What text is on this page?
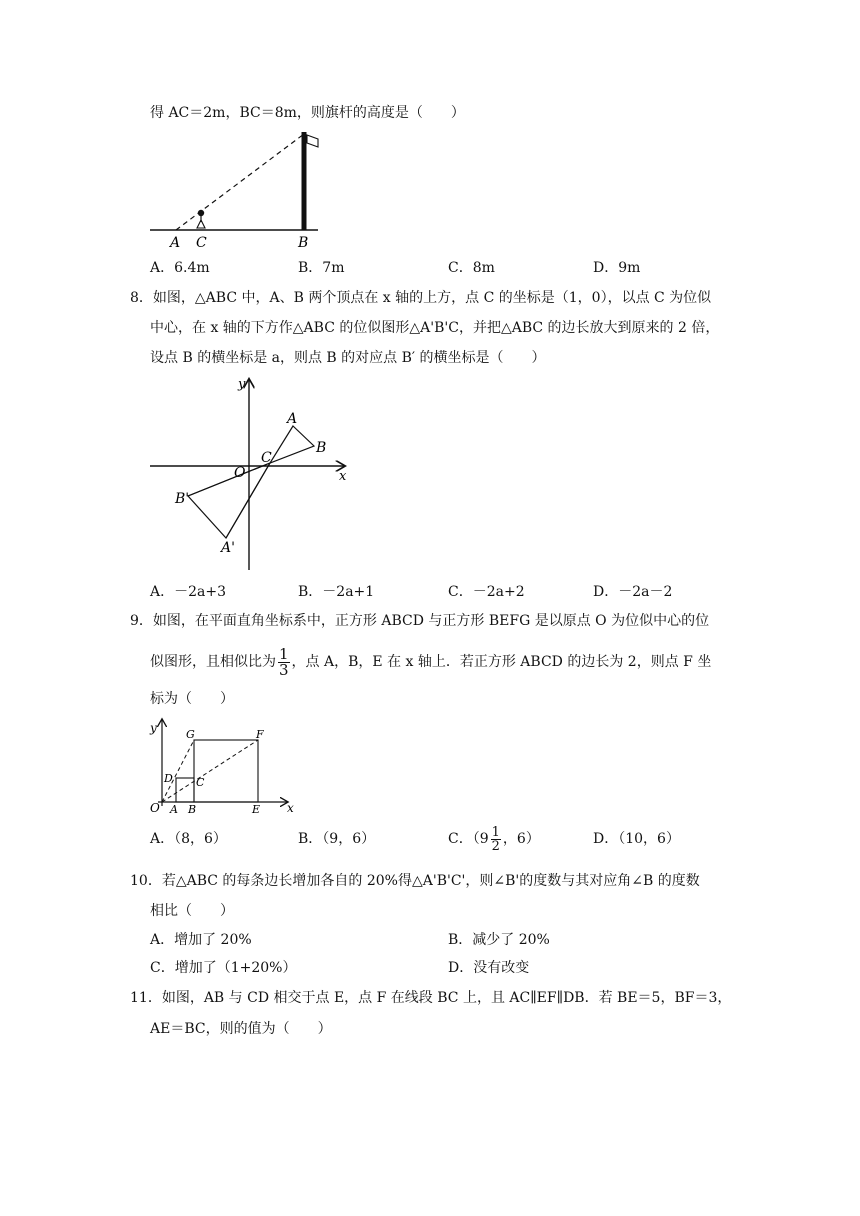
得 AC＝2m，BC＝8m，则旗杆的高度是（　　）
A C	B
A．6.4m	B．7m	C．8m	D．9m
8．如图，△ABC 中，A、B 两个顶点在 x 轴的上方，点 C 的坐标是（1，0），以点 C 为位似
中心，在 x 轴的下方作△ABC 的位似图形△A'B'C，并把△ABC 的边长放大到原来的 2 倍，
设点 B 的横坐标是 a，则点 B 的对应点 B′ 的横坐标是（　　）
y
x
O
C
A
B
B'
A'
A．－2a+3	B．－2a+1	C．－2a+2	D．－2a－2
9．如图，在平面直角坐标系中，正方形 ABCD 与正方形 BEFG 是以原点 O 为位似中心的位
似图形，且相似比为 $\frac{1}{3}$ ，点 A，B，E 在 x 轴上．若正方形 ABCD 的边长为 2，则点 F 坐
标为（　　）
y
x
O A B	E
C
D
G	F
A．（8，6）	B．（9，6）	C．（$9 \frac{1}{2}$ ，6）	D．（10，6）
10．若△ABC 的每条边长增加各自的 20%得△A'B'C'，则∠B'的度数与其对应角∠B 的度数
相比（　　）
A．增加了 20%	B．减少了 20%
C．增加了（1+20%）	D．没有改变
11．如图，AB 与 CD 相交于点 E，点 F 在线段 BC 上，且 AC∥EF∥DB．若 BE＝5，BF＝3，
AE＝BC，则的值为（　　）
